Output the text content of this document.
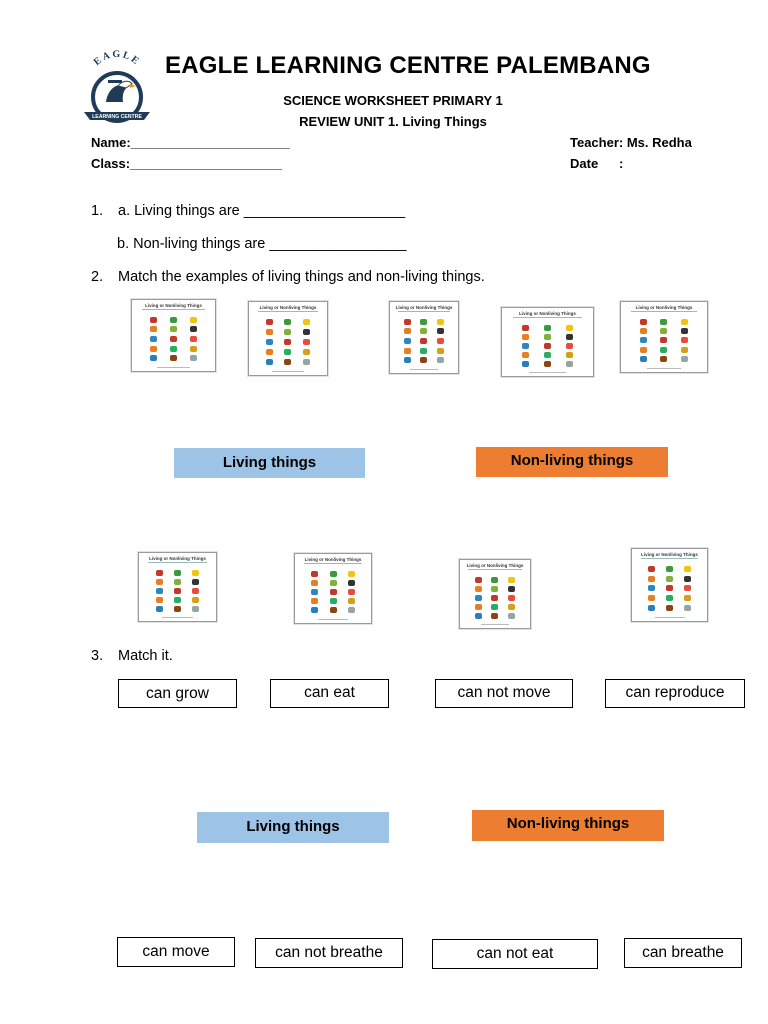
EAGLE
LEARNING CENTRE
EAGLE LEARNING CENTRE PALEMBANG
SCIENCE WORKSHEET PRIMARY 1
REVIEW UNIT 1. Living Things
Name:______________________
Class:_____________________
Teacher: Ms. Redha
Date :
1. a. Living things are ____________________
b. Non-living things are _________________
2. Match the examples of living things and non-living things.
Living or Nonliving Things	Living or Nonliving Things	Living or Nonliving Things
Living or Nonliving Things
Living or Nonliving Things
Living things	Non-living things
Living or Nonliving Things	Living or Nonliving Things
Living or Nonliving Things
Living or Nonliving Things
3. Match it.
can grow	can eat	can not move	can reproduce
Living things	Non-living things
can move	can not breathe	can not eat	can breathe
